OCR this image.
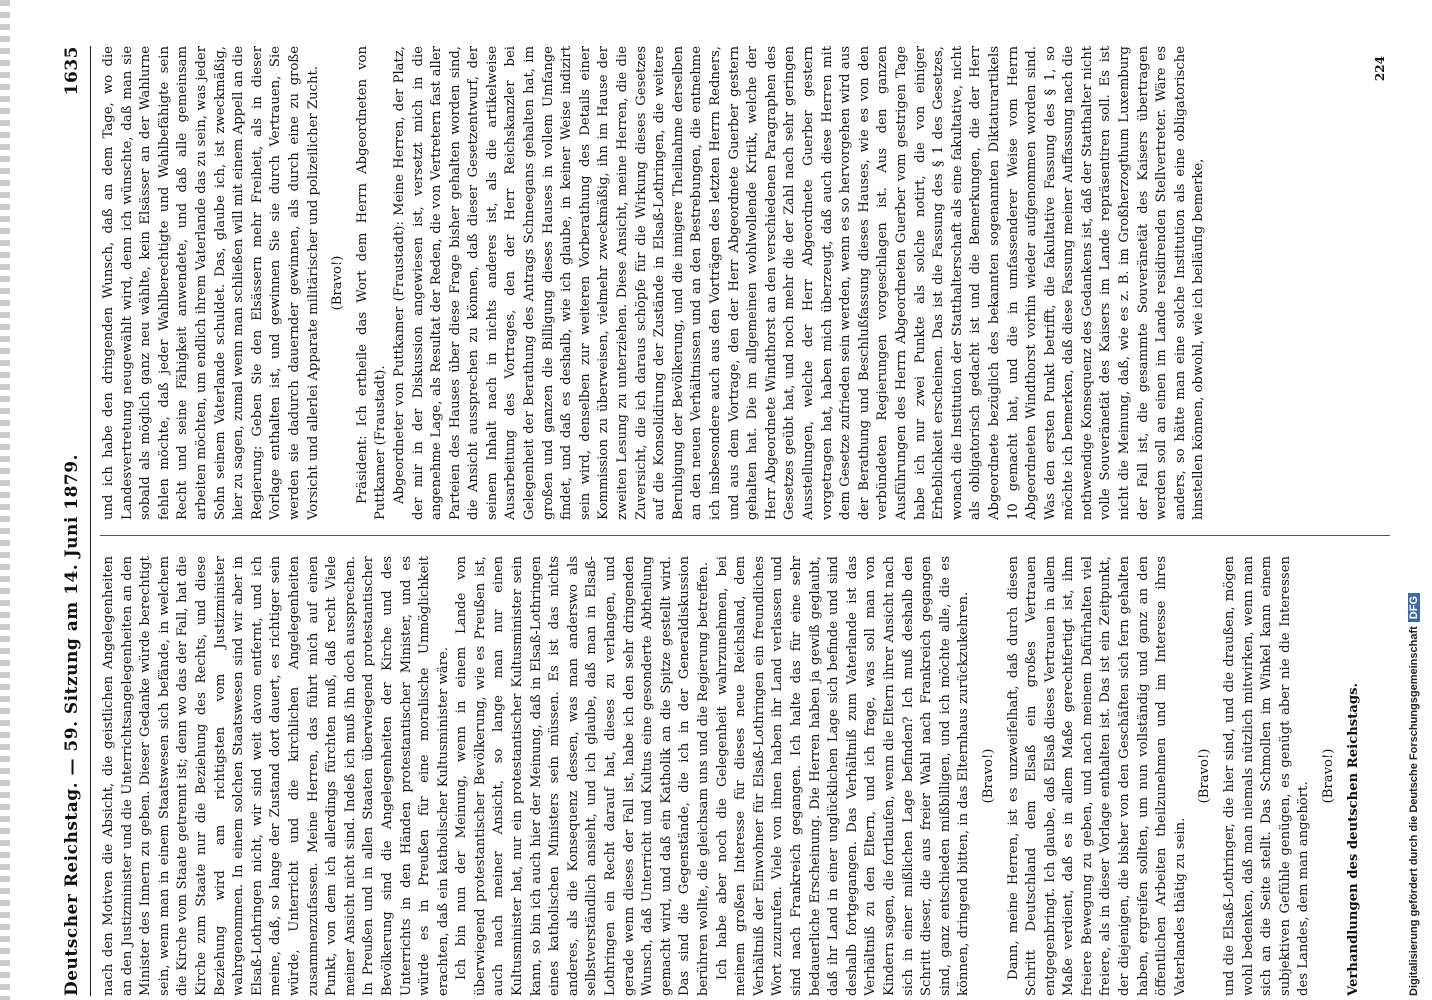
Deutscher Reichstag. — 59. Sitzung am 14. Juni 1879.
1635

nach den Motiven die Absicht, die geistlichen Angelegenheiten an den Justizminister und die Unterrichtsangelegenheiten an den Minister des Innern zu geben. Dieser Gedanke würde berechtigt sein, wenn man in einem Staatswesen sich befände, in welchem die Kirche vom Staate getrennt ist; denn wo das der Fall, hat die Kirche zum Staate nur die Beziehung des Rechts, und diese Beziehung wird am richtigsten vom Justizminister wahrgenommen. In einem solchen Staatswesen sind wir aber in Elsaß-Lothringen nicht, wir sind weit davon entfernt, und ich meine, daß, so lange der Zustand dort dauert, es richtiger sein würde, Unterricht und die kirchlichen Angelegenheiten zusammenzufassen. Meine Herren, das führt mich auf einen Punkt, von dem ich allerdings fürchten muß, daß recht Viele meiner Ansicht nicht sind. Indeß ich muß ihn doch aussprechen. In Preußen und in allen Staaten überwiegend protestantischer Bevölkerung sind die Angelegenheiten der Kirche und des Unterrichts in den Händen protestantischer Minister, und es würde es in Preußen für eine moralische Unmöglichkeit erachten, daß ein katholischer Kultusminister wäre. Ich bin nun der Meinung, wenn in einem Lande von überwiegend protestantischer Bevölkerung, wie es Preußen ist, auch nach meiner Ansicht, so lange man nur einen Kultusminister hat, nur ein protestantischer Kultusminister sein kann, so bin ich auch hier der Meinung, daß in Elsaß-Lothringen eines katholischen Ministers sein müssen. Es ist das nichts anderes, als die Konsequenz dessen, was man anderswo als selbstverständlich ansieht, und ich glaube, daß man in Elsaß-Lothringen ein Recht darauf hat, dieses zu verlangen, und gerade wenn dieses der Fall ist, habe ich den sehr dringenden Wunsch, daß Unterricht und Kultus eine gesonderte Abtheilung gemacht wird, und daß ein Katholik an die Spitze gestellt wird. Das sind die Gegenstände, die ich in der Generaldiskussion berühren wollte, die gleichsam uns und die Regierung betreffen. Ich habe aber noch die Gelegenheit wahrzunehmen, bei meinem großen Interesse für dieses neue Reichsland, dem Verhältniß der Einwohner für Elsaß-Lothringen ein freundliches Wort zuzurufen. Viele von ihnen haben ihr Land verlassen und sind nach Frankreich gegangen. Ich halte das für eine sehr bedauerliche Erscheinung. Die Herren haben ja gewiß geglaubt, daß ihr Land in einer unglücklichen Lage sich befinde und sind deshalb fortgegangen. Das Verhältniß zum Vaterlande ist das Verhältniß zu den Eltern, und ich frage, was soll man von Kindern sagen, die fortlaufen, wenn die Eltern ihrer Ansicht nach sich in einer mißlichen Lage befinden? Ich muß deshalb den Schritt dieser, die aus freier Wahl nach Frankreich gegangen sind, ganz entschieden mißbilligen, und ich möchte alle, die es können, dringend bitten, in das Elternhaus zurückzukehren. (Bravo!) Dann, meine Herren, ist es unzweifelhaft, daß durch diesen Schritt Deutschland dem Elsaß ein großes Vertrauen entgegenbringt. Ich glaube, daß Elsaß dieses Vertrauen in allem Maße verdient, daß es in allem Maße gerechtfertigt ist, ihm freiere Bewegung zu geben, und nach meinem Dafürhalten viel freiere, als in dieser Vorlage enthalten ist. Das ist ein Zeitpunkt, der diejenigen, die bisher von den Geschäften sich fern gehalten haben, ergreifen sollten, um nun vollständig und ganz an den öffentlichen Arbeiten theilzunehmen und im Interesse ihres Vaterlandes thätig zu sein.

(Bravo!) und die Elsaß-Lothringer, die hier sind, und die draußen, mögen wohl bedenken, daß man niemals nützlich mitwirken, wenn man sich an die Seite stellt. Das Schmollen im Winkel kann einem subjektiven Gefühle genügen, es genügt aber nie die Interessen des Landes, dem man angehört.

(Bravo!) Verhandlungen des deutschen Reichstags.

und ich habe den dringenden Wunsch, daß an dem Tage, wo die Landesvertretung neugewählt wird, denn ich wünschte, daß man sie sobald als möglich ganz neu wählte, kein Elsässer an der Wahlurne fehlen möchte, daß jeder Wahlberechtigte und Wahlbefähigte sein Recht und seine Fähigkeit anwendete, und daß alle gemeinsam arbeiten möchten, um endlich ihrem Vaterlande das zu sein, was jeder Sohn seinem Vaterlande schuldet. Das, glaube ich, ist zweckmäßig, hier zu sagen, zumal wenn man schließen will mit einem Appell an die Regierung: Geben Sie den Elsässern mehr Freiheit, als in dieser Vorlage enthalten ist, und gewinnen Sie sie durch Vertrauen, Sie werden sie dadurch dauernder gewinnen, als durch eine zu große Vorsicht und allerlei Apparate militärischer und polizeilicher Zucht. (Bravo!) Präsident: Ich ertheile das Wort dem Herrn Abgeordneten von Puttkamer (Fraustadt). Abgeordneter von Puttkamer (Fraustadt): Meine Herren, der Platz, der mir in der Diskussion angewiesen ist, versetzt mich in die angenehme Lage, als Resultat der Reden, die von Vertretern fast aller Parteien des Hauses über diese Frage bisher gehalten worden sind, die Ansicht aussprechen zu können, daß dieser Gesetzentwurf, der seinem Inhalt nach in nichts anderes ist, als die artikelweise Ausarbeitung des Vortrages, den der Herr Reichskanzler bei Gelegenheit der Berathung des Antrags Schneegans gehalten hat, im großen und ganzen die Billigung dieses Hauses in vollem Umfange findet, und daß es deshalb, wie ich glaube, in keiner Weise indizirt sein wird, denselben zur weiteren Vorberathung des Details einer Kommission zu überweisen, vielmehr zweckmäßig, ihn im Hause der zweiten Lesung zu unterziehen. Diese Ansicht, meine Herren, die die Zuversicht, die ich daraus schöpfe für die Wirkung dieses Gesetzes auf die Konsolidirung der Zustände in Elsaß-Lothringen, die weitere Beruhigung der Bevölkerung, und die innigere Theilnahme derselben an den neuen Verhältnissen und an den Bestrebungen, die entnehme ich insbesondere auch aus den Vorträgen des letzten Herrn Redners, und aus dem Vortrage, den der Herr Abgeordnete Guerber gestern gehalten hat. Die im allgemeinen wohlwollende Kritik, welche der Herr Abgeordnete Windthorst an den verschiedenen Paragraphen des Gesetzes geübt hat, und noch mehr die der Zahl nach sehr geringen Ausstellungen, welche der Herr Abgeordnete Guerber gestern vorgetragen hat, haben mich überzeugt, daß auch diese Herren mit dem Gesetze zufrieden sein werden, wenn es so hervorgehen wird aus der Berathung und Beschlußfassung dieses Hauses, wie es von den verbündeten Regierungen vorgeschlagen ist. Aus den ganzen Ausführungen des Herrn Abgeordneten Guerber vom gestrigen Tage habe ich nur zwei Punkte als solche notirt, die von einiger Erheblichkeit erscheinen. Das ist die Fassung des § 1 des Gesetzes, wonach die Institution der Statthalterschaft als eine fakultative, nicht als obligatorisch gedacht ist und die Bemerkungen, die der Herr Abgeordnete bezüglich des bekannten sogenannten Diktaturartikels 10 gemacht hat, und die in umfassenderer Weise vom Herrn Abgeordneten Windthorst vorhin wieder aufgenommen worden sind. Was den ersten Punkt betrifft, die fakultative Fassung des § 1, so möchte ich bemerken, daß diese Fassung meiner Auffassung nach die nothwendige Konsequenz des Gedankens ist, daß der Statthalter nicht volle Souveränetät des Kaisers im Lande repräsentiren soll. Es ist nicht die Meinung, daß, wie es z. B. im Großherzogthum Luxemburg der Fall ist, die gesammte Souveränetät des Kaisers übertragen werden soll an einen im Lande residirenden Stellvertreter. Wäre es anders, so hätte man eine solche Institution als eine obligatorische hinstellen können, obwohl, wie ich beiläufig bemerke,

224
Digitalisierung gefördert durch die Deutsche ForschungsgemeinschaftDFG
